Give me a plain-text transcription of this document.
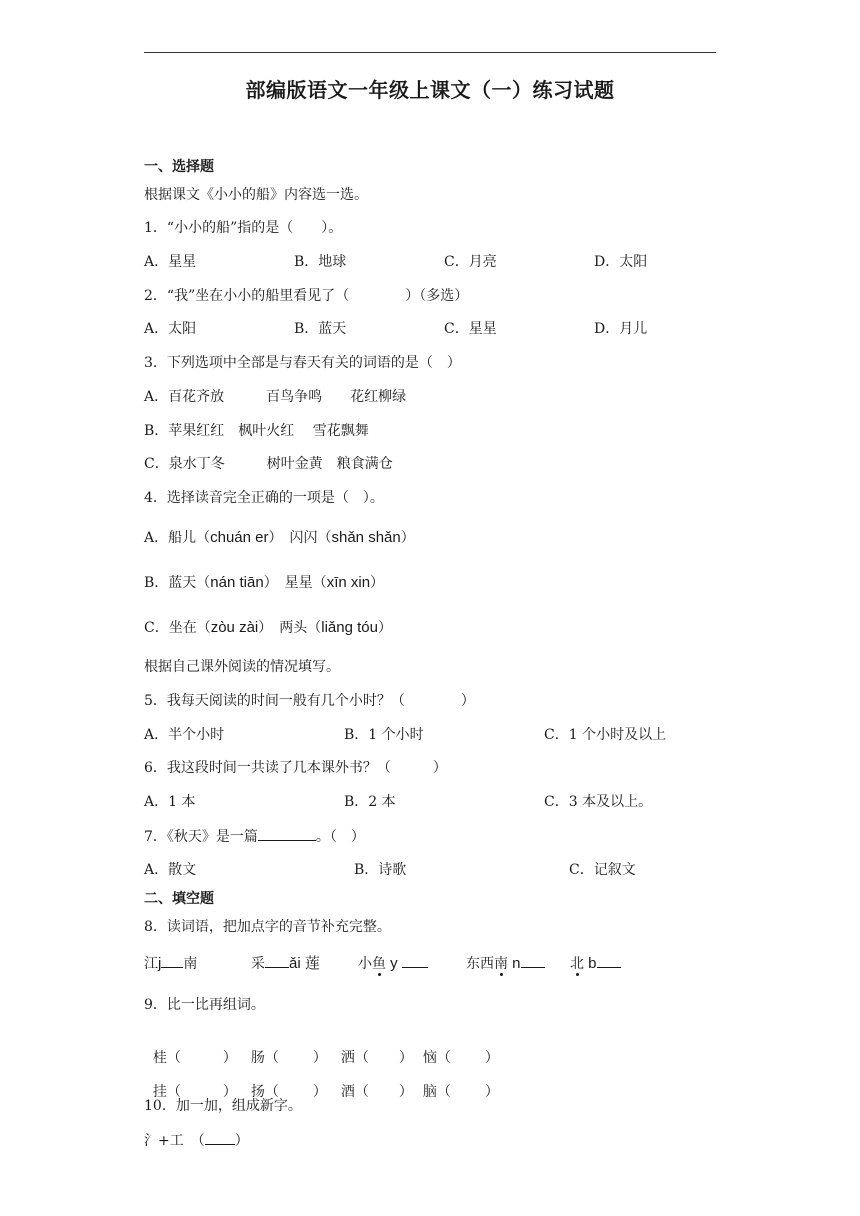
部编版语文一年级上课文（一）练习试题
一、选择题
根据课文《小小的船》内容选一选。
1．“小小的船”指的是（　　）。
A．星星	B．地球	C．月亮	D．太阳
2．“我”坐在小小的船里看见了（　　　　）（多选）
A．太阳	B．蓝天	C．星星	D．月儿
3．下列选项中全部是与春天有关的词语的是（　）
A．百花齐放　　　百鸟争鸣　　花红柳绿
B．苹果红红　枫叶火红　 雪花飘舞
C．泉水丁冬　　　树叶金黄　粮食满仓
4．选择读音完全正确的一项是（　）。
A．船儿（chuán er）　闪闪（shǎn shǎn）
B．蓝天（nán tiān）　星星（xīn xin）
C．坐在（zòu zài）　两头（liǎng tóu）
根据自己课外阅读的情况填写。
5．我每天阅读的时间一般有几个小时？（　　　　）
A．半个小时	B．1 个小时	C．1 个小时及以上
6．我这段时间一共读了几本课外书？（　　　）
A．1 本	B．2 本	C．3 本及以上。
7．《秋天》是一篇	。（　）
A．散文	B．诗歌	C．记叙文
二、填空题
8．读词语，把加点字的音节补充完整。
江j 南	采 ǎi 莲	小鱼 y	东西南 n	北 b
9．比一比再组词。

桂（	） 肠（ ） 洒（ ） 恼（ ）

挂（	） 扬（ ） 酒（ ） 脑（ ）

10．加一加，组成新字。
氵+工　（ ）
